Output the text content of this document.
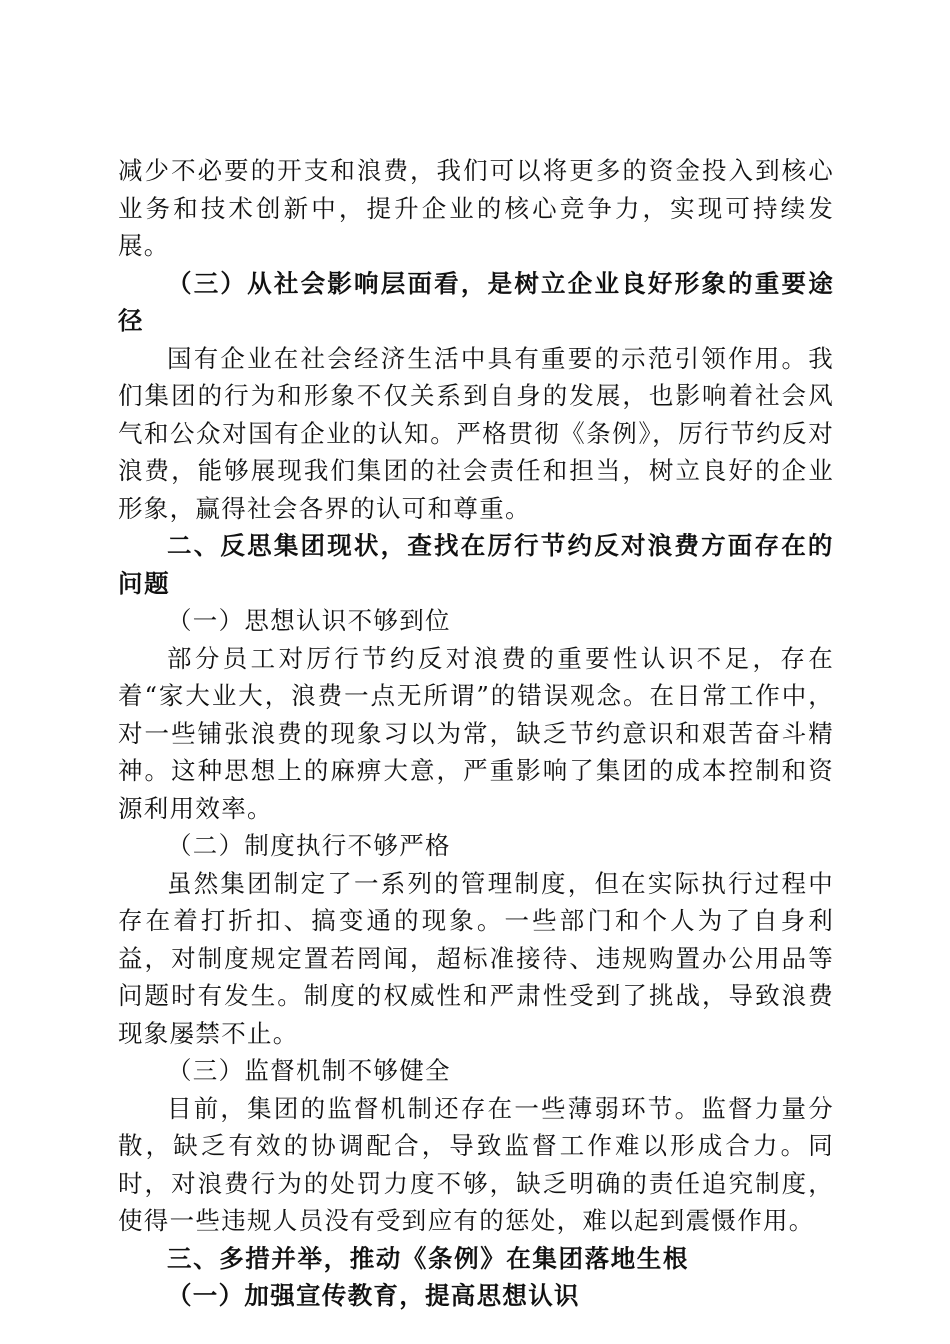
减少不必要的开支和浪费，我们可以将更多的资金投入到核心业务和技术创新中，提升企业的核心竞争力，实现可持续发展。

（三）从社会影响层面看，是树立企业良好形象的重要途径

国有企业在社会经济生活中具有重要的示范引领作用。我们集团的行为和形象不仅关系到自身的发展，也影响着社会风气和公众对国有企业的认知。严格贯彻《条例》，厉行节约反对浪费，能够展现我们集团的社会责任和担当，树立良好的企业形象，赢得社会各界的认可和尊重。

二、反思集团现状，查找在厉行节约反对浪费方面存在的问题

（一）思想认识不够到位

部分员工对厉行节约反对浪费的重要性认识不足，存在着“家大业大，浪费一点无所谓”的错误观念。在日常工作中，对一些铺张浪费的现象习以为常，缺乏节约意识和艰苦奋斗精神。这种思想上的麻痹大意，严重影响了集团的成本控制和资源利用效率。

（二）制度执行不够严格

虽然集团制定了一系列的管理制度，但在实际执行过程中存在着打折扣、搞变通的现象。一些部门和个人为了自身利益，对制度规定置若罔闻，超标准接待、违规购置办公用品等问题时有发生。制度的权威性和严肃性受到了挑战，导致浪费现象屡禁不止。

（三）监督机制不够健全

目前，集团的监督机制还存在一些薄弱环节。监督力量分散，缺乏有效的协调配合，导致监督工作难以形成合力。同时，对浪费行为的处罚力度不够，缺乏明确的责任追究制度，使得一些违规人员没有受到应有的惩处，难以起到震慑作用。

三、多措并举，推动《条例》在集团落地生根

（一）加强宣传教育，提高思想认识
